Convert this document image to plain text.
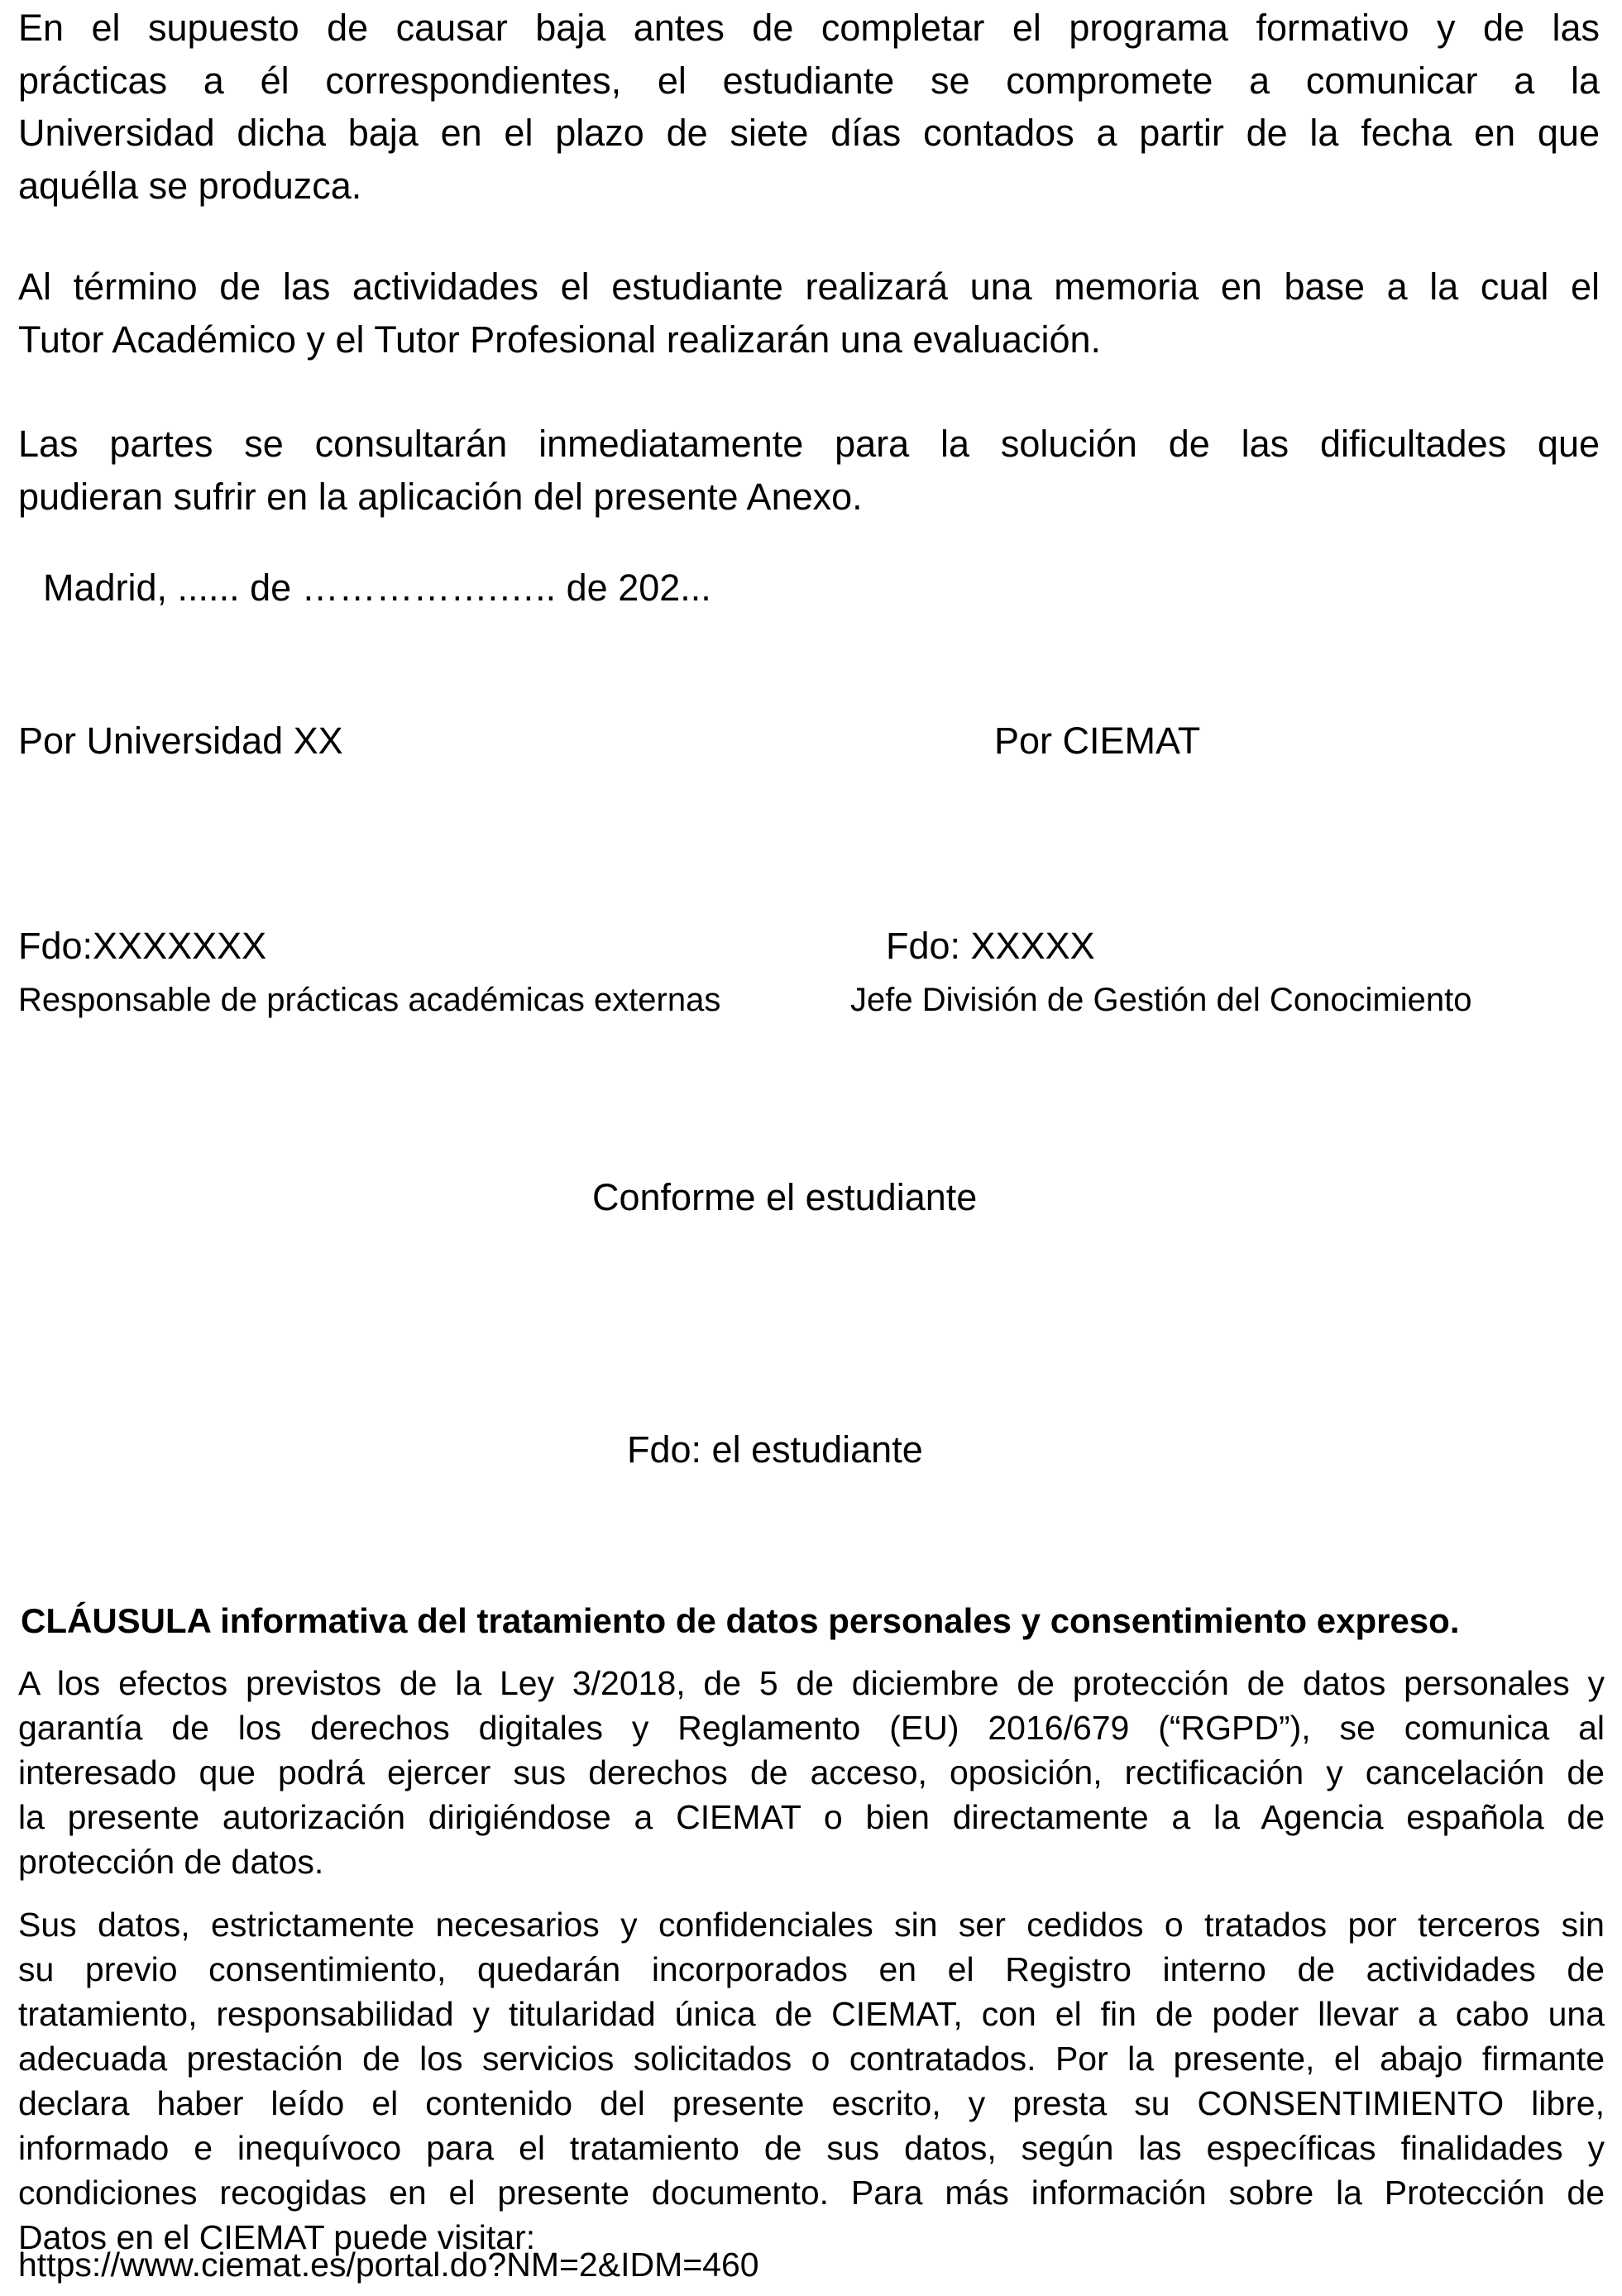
En el supuesto de causar baja antes de completar el programa formativo y de las
prácticas a él correspondientes, el estudiante se compromete a comunicar a la
Universidad dicha baja en el plazo de siete días contados a partir de la fecha en que
aquélla se produzca.
Al término de las actividades el estudiante realizará una memoria en base a la cual el
Tutor Académico y el Tutor Profesional realizarán una evaluación.
Las partes se consultarán inmediatamente para la solución de las dificultades que
pudieran sufrir en la aplicación del presente Anexo.

Madrid, ...... de …………….….. de 202...

Por Universidad XX	Por CIEMAT

Fdo:XXXXXXX	Fdo: XXXXX

Responsable de prácticas académicas externas	Jefe División de Gestión del Conocimiento

Conforme el estudiante

Fdo: el estudiante

CLÁUSULA informativa del tratamiento de datos personales y consentimiento expreso.

A los efectos previstos de la Ley 3/2018, de 5 de diciembre de protección de datos personales y
garantía de los derechos digitales y Reglamento (EU) 2016/679 (“RGPD”), se comunica al
interesado que podrá ejercer sus derechos de acceso, oposición, rectificación y cancelación de
la presente autorización dirigiéndose a CIEMAT o bien directamente a la Agencia española de
protección de datos.
Sus datos, estrictamente necesarios y confidenciales sin ser cedidos o tratados por terceros sin
su previo consentimiento, quedarán incorporados en el Registro interno de actividades de
tratamiento, responsabilidad y titularidad única de CIEMAT, con el fin de poder llevar a cabo una
adecuada prestación de los servicios solicitados o contratados. Por la presente, el abajo firmante
declara haber leído el contenido del presente escrito, y presta su CONSENTIMIENTO libre,
informado e inequívoco para el tratamiento de sus datos, según las específicas finalidades y
condiciones recogidas en el presente documento. Para más información sobre la Protección de
Datos en el CIEMAT puede visitar:

https://www.ciemat.es/portal.do?NM=2&IDM=460
